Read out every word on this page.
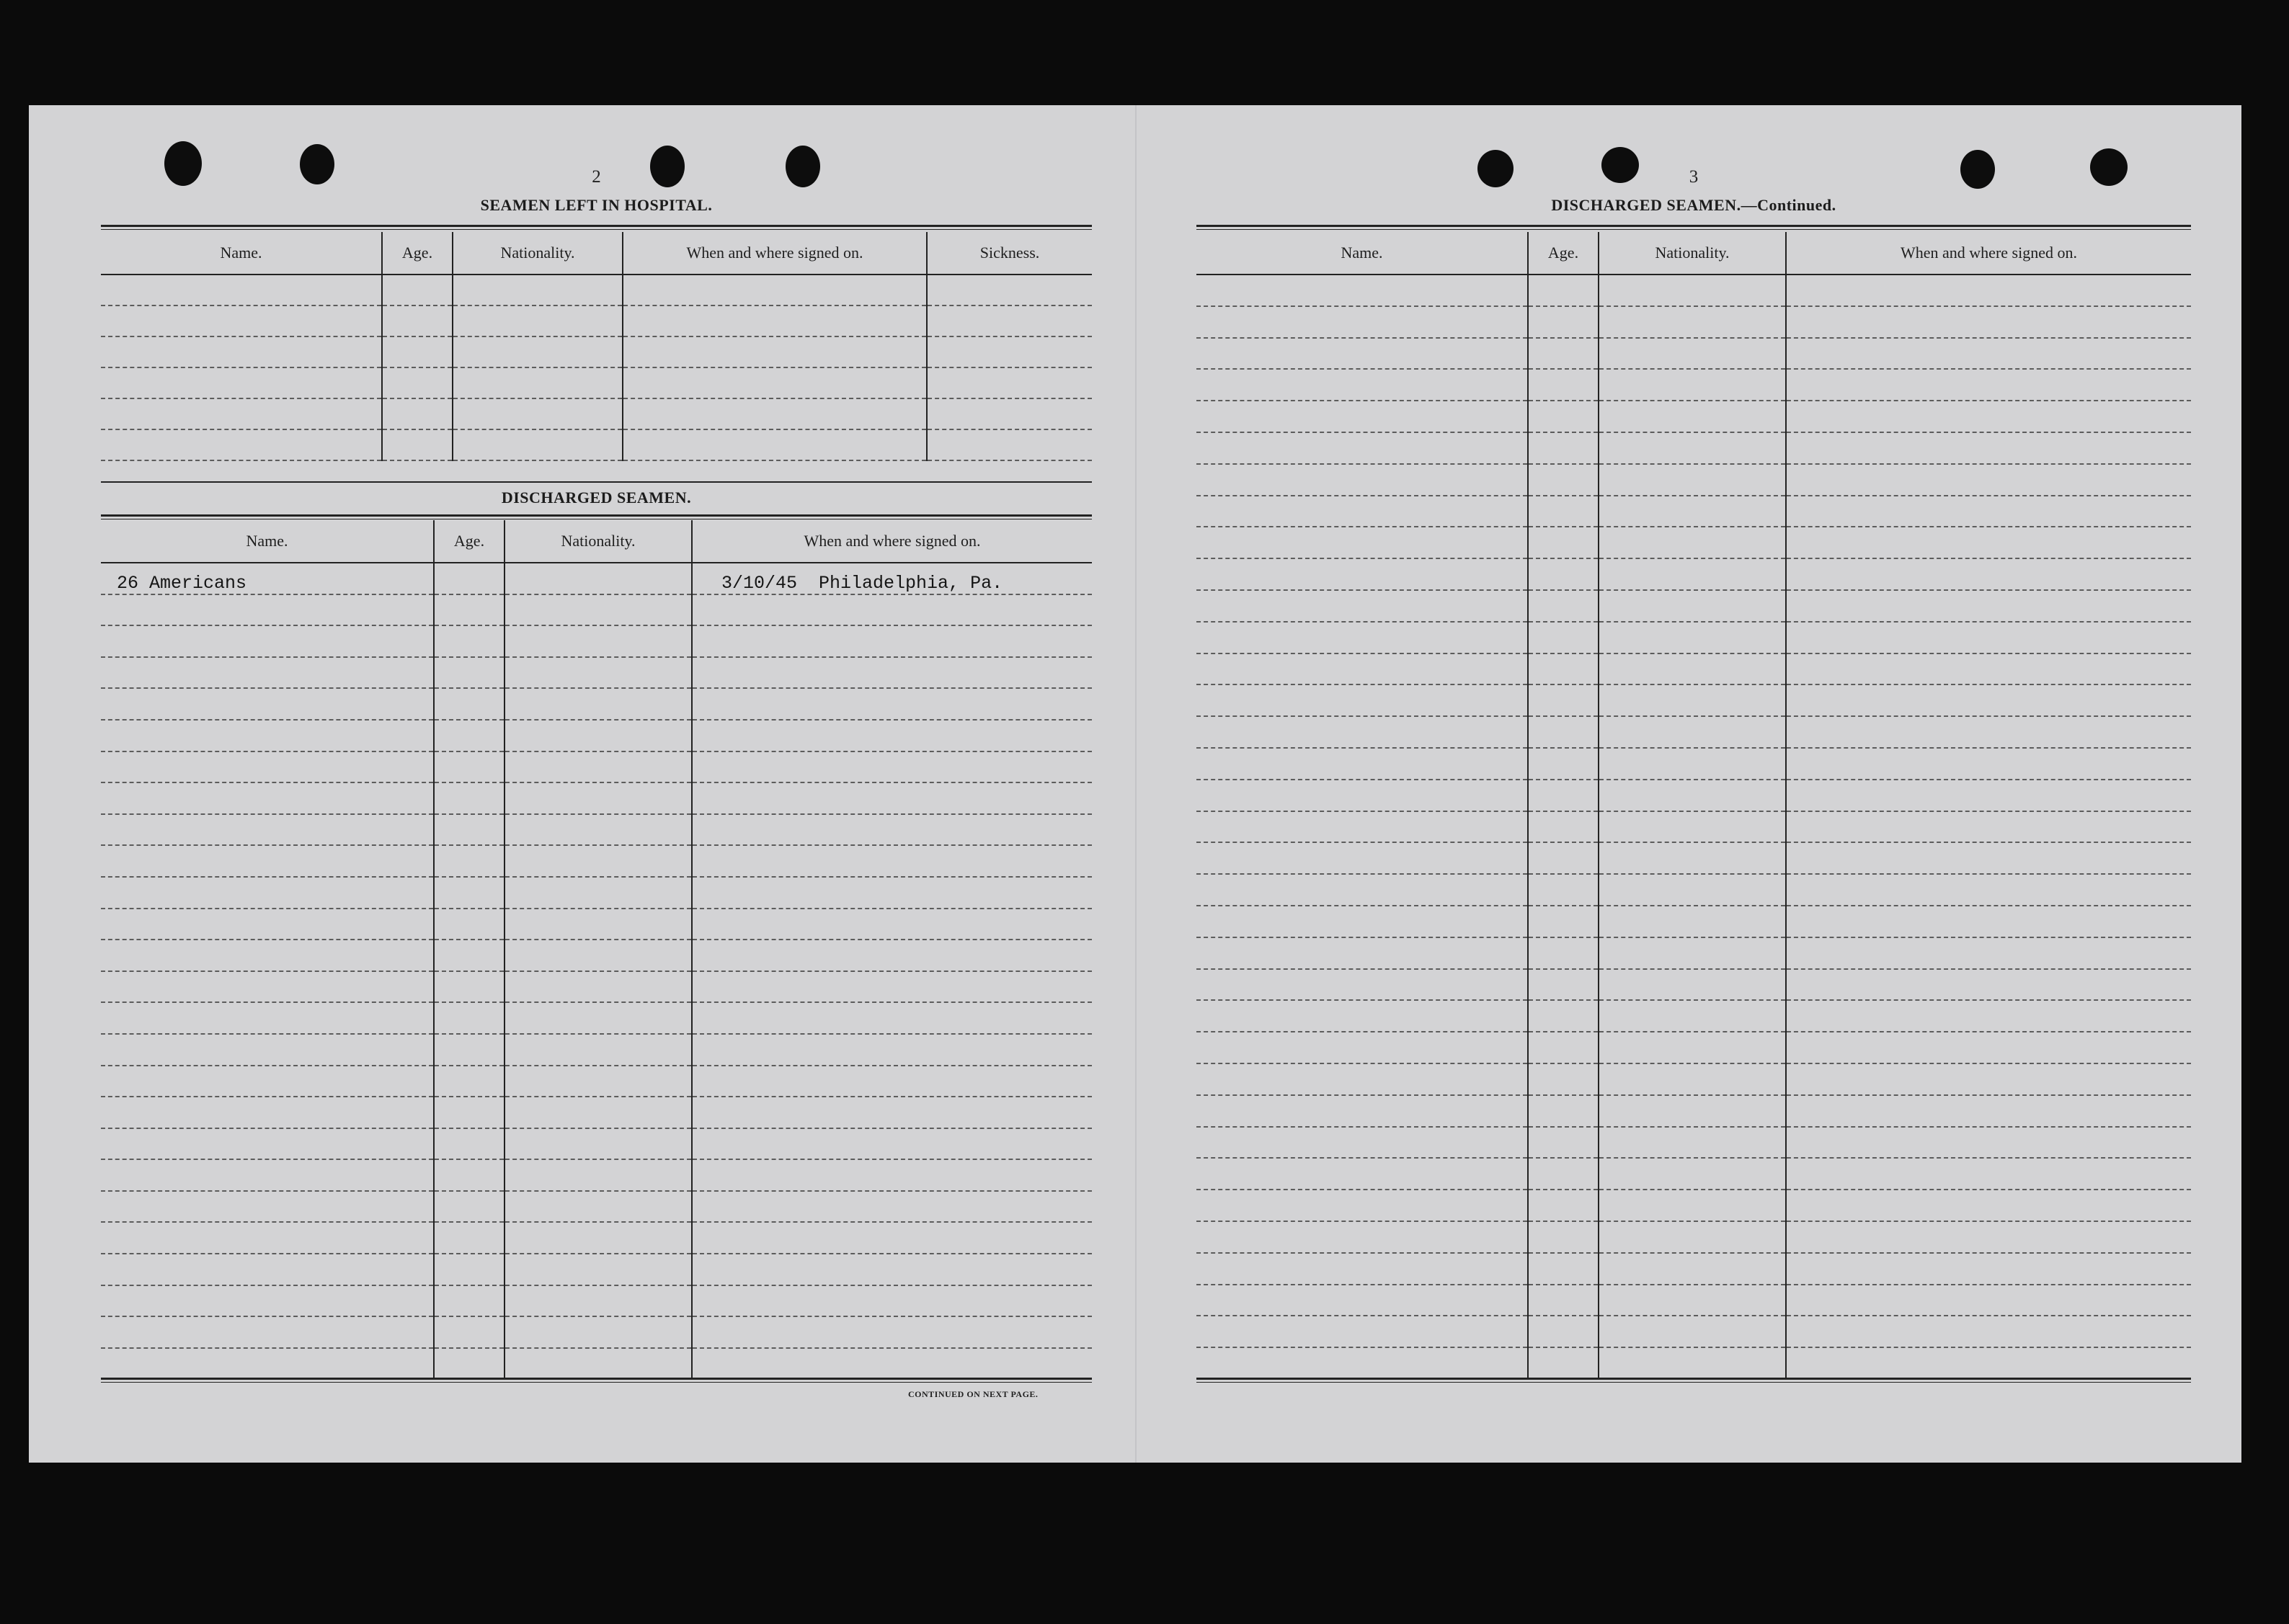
2
SEAMEN LEFT IN HOSPITAL.
Name.	Age.	Nationality.	When and where signed on.	Sickness.

DISCHARGED SEAMEN.
Name.	Age.	Nationality.	When and where signed on.
26 Americans			3/10/45 Philadelphia, Pa.

CONTINUED ON NEXT PAGE.
3
DISCHARGED SEAMEN.—Continued.
Name.	Age.	Nationality.	When and where signed on.
